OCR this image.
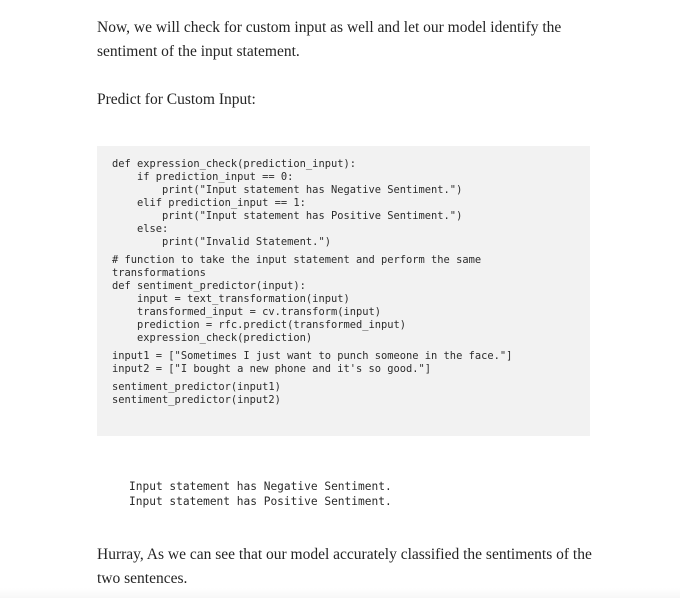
Now, we will check for custom input as well and let our model identify the sentiment of the input statement.

Predict for Custom Input:

def expression_check(prediction_input):
if prediction_input == 0:
print("Input statement has Negative Sentiment.")
elif prediction_input == 1:
print("Input statement has Positive Sentiment.")
else:
print("Invalid Statement.")
# function to take the input statement and perform the same
transformations
def sentiment_predictor(input):
input = text_transformation(input)
transformed_input = cv.transform(input)
prediction = rfc.predict(transformed_input)
expression_check(prediction)
input1 = ["Sometimes I just want to punch someone in the face."]
input2 = ["I bought a new phone and it's so good."]
sentiment_predictor(input1)
sentiment_predictor(input2)
Input statement has Negative Sentiment.
Input statement has Positive Sentiment.

Hurray, As we can see that our model accurately classified the sentiments of the two sentences.
